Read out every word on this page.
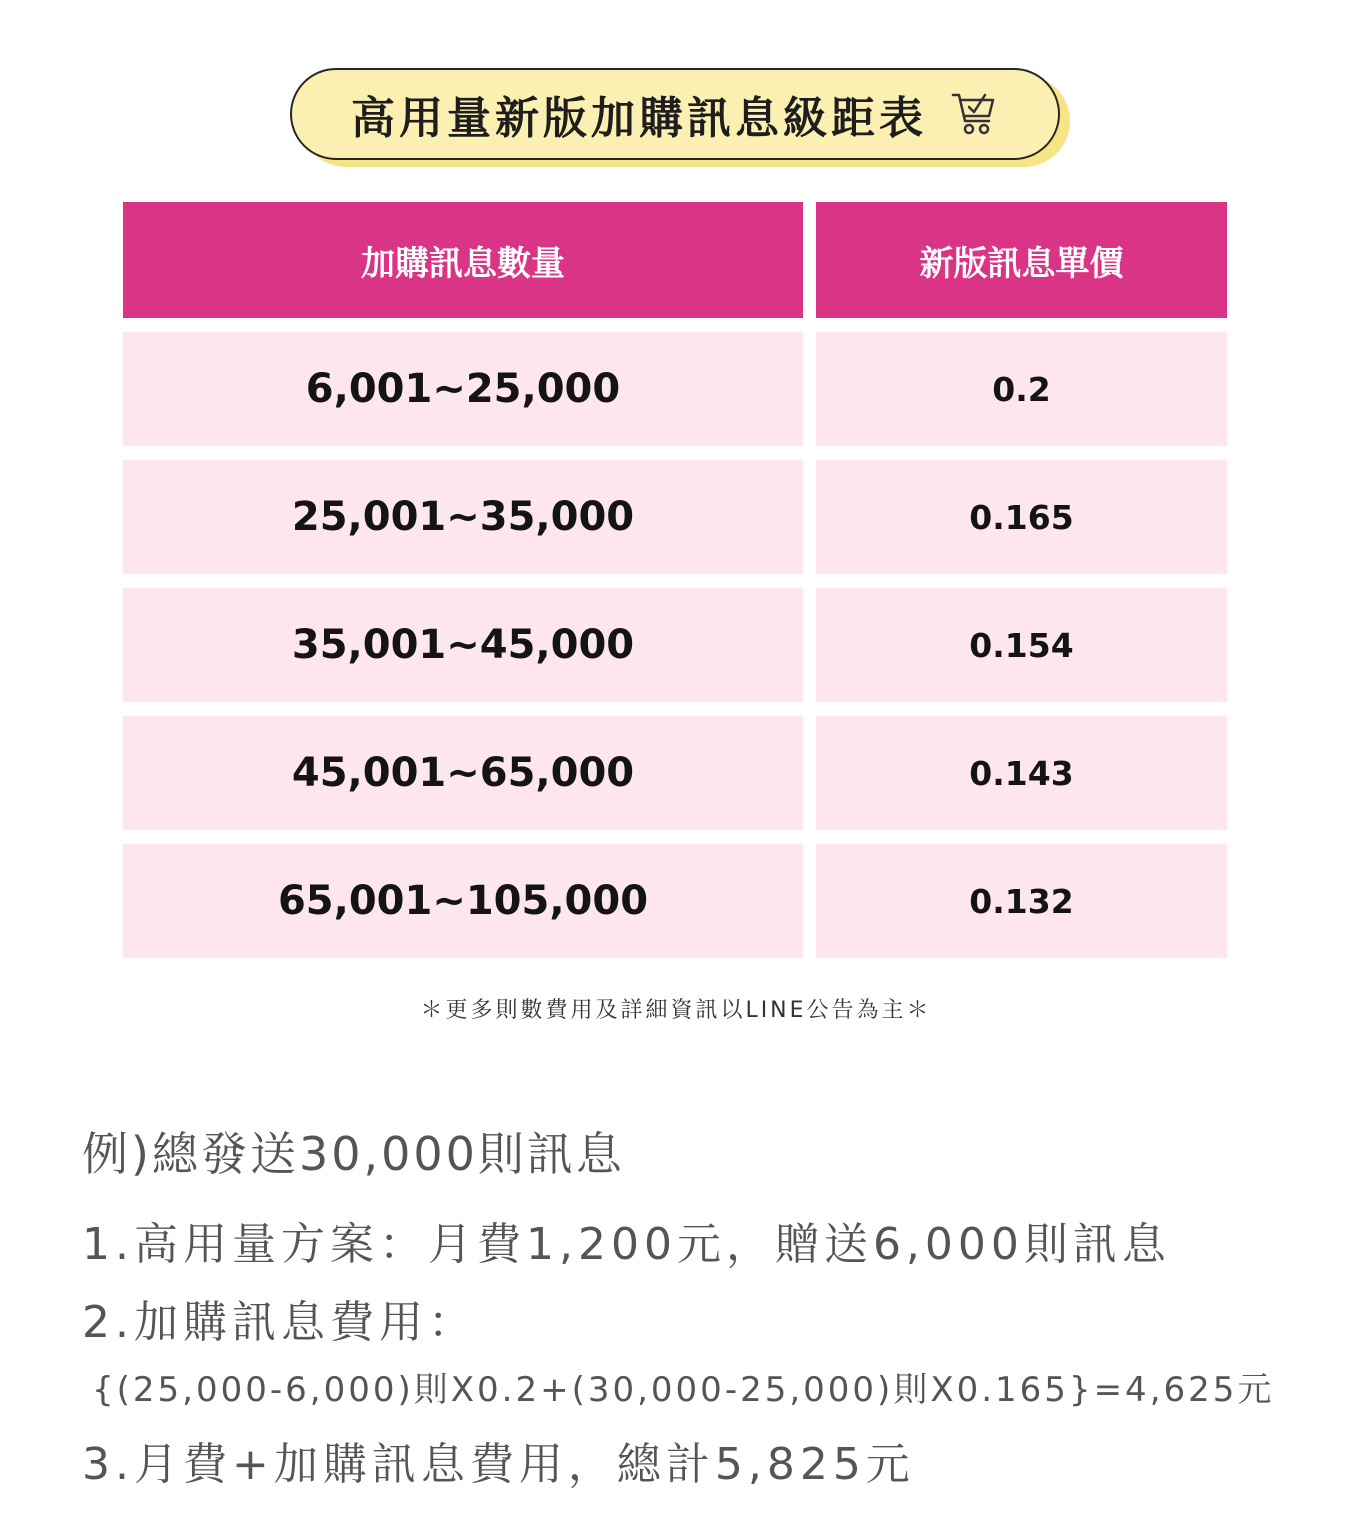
高用量新版加購訊息級距表
加購訊息數量	新版訊息單價
6,001~25,000	0.2
25,001~35,000	0.165
35,001~45,000	0.154
45,001~65,000	0.143
65,001~105,000	0.132
＊更多則數費用及詳細資訊以LINE公告為主＊
例)總發送30,000則訊息
1.高用量方案：月費1,200元，贈送6,000則訊息
2.加購訊息費用：
{(25,000-6,000)則X0.2+(30,000-25,000)則X0.165}=4,625元
3.月費+加購訊息費用，總計5,825元
